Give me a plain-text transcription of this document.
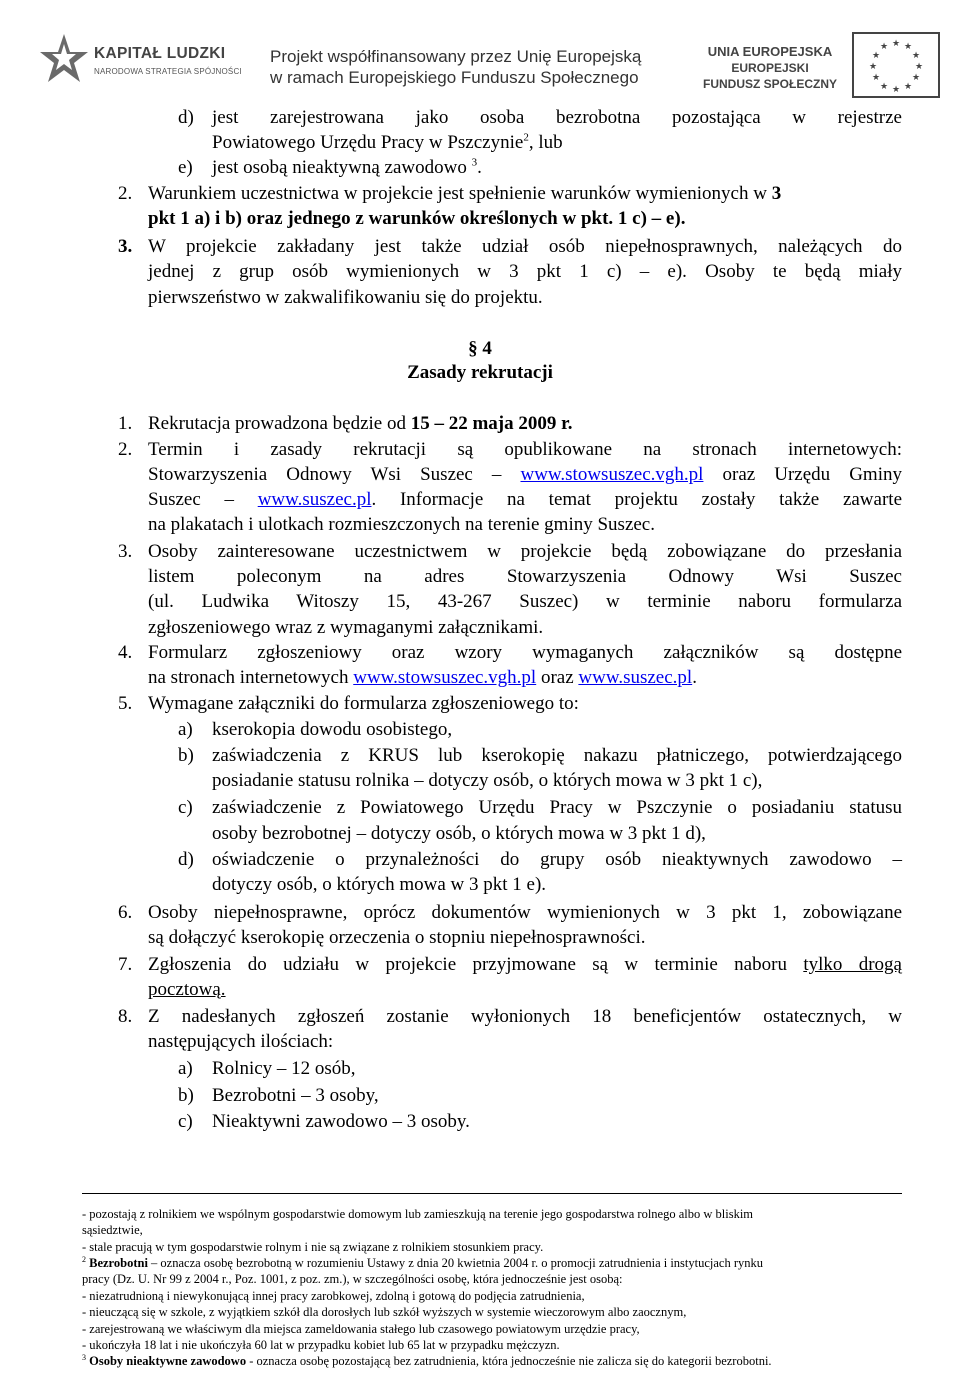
KAPITAŁ LUDZKI
NARODOWA STRATEGIA SPÓJNOŚCI
Projekt współfinansowany przez Unię Europejską
w ramach Europejskiego Funduszu Społecznego
UNIA EUROPEJSKA
EUROPEJSKI
FUNDUSZ SPOŁECZNY
★ ★
★
★
★
★
★
★
★
★
★
★
d) jest zarejestrowana jako osoba bezrobotna pozostająca w rejestrze
Powiatowego Urzędu Pracy w Pszczynie$^2$, lub
e) jest osobą nieaktywną zawodowo $^3$.
2. Warunkiem uczestnictwa w projekcie jest spełnienie warunków wymienionych w 3
pkt 1 a) i b) oraz jednego z warunków określonych w pkt. 1 c) – e).
3. W projekcie zakładany jest także udział osób niepełnosprawnych, należących do
jednej z grup osób wymienionych w 3 pkt 1 c) – e). Osoby te będą miały
pierwszeństwo w zakwalifikowaniu się do projektu.
§ 4
Zasady rekrutacji
1. Rekrutacja prowadzona będzie od 15 – 22 maja 2009 r.
2. Termin i zasady rekrutacji są opublikowane na stronach internetowych:
Stowarzyszenia Odnowy Wsi Suszec – www.stowsuszec.vgh.pl oraz Urzędu Gminy
Suszec – www.suszec.pl. Informacje na temat projektu zostały także zawarte
na plakatach i ulotkach rozmieszczonych na terenie gminy Suszec.
3. Osoby zainteresowane uczestnictwem w projekcie będą zobowiązane do przesłania
listem poleconym na adres Stowarzyszenia Odnowy Wsi Suszec
(ul. Ludwika Witoszy 15, 43-267 Suszec) w terminie naboru formularza
zgłoszeniowego wraz z wymaganymi załącznikami.
4. Formularz zgłoszeniowy oraz wzory wymaganych załączników są dostępne
na stronach internetowych www.stowsuszec.vgh.pl oraz www.suszec.pl.
5. Wymagane załączniki do formularza zgłoszeniowego to:
a) kserokopia dowodu osobistego,
b) zaświadczenia z KRUS lub kserokopię nakazu płatniczego, potwierdzającego
posiadanie statusu rolnika – dotyczy osób, o których mowa w 3 pkt 1 c),
c) zaświadczenie z Powiatowego Urzędu Pracy w Pszczynie o posiadaniu statusu
osoby bezrobotnej – dotyczy osób, o których mowa w 3 pkt 1 d),
d) oświadczenie o przynależności do grupy osób nieaktywnych zawodowo –
dotyczy osób, o których mowa w 3 pkt 1 e).
6. Osoby niepełnosprawne, oprócz dokumentów wymienionych w 3 pkt 1, zobowiązane
są dołączyć kserokopię orzeczenia o stopniu niepełnosprawności.
7. Zgłoszenia do udziału w projekcie przyjmowane są w terminie naboru tylko drogą
pocztową.
8. Z nadesłanych zgłoszeń zostanie wyłonionych 18 beneficjentów ostatecznych, w
następujących ilościach:
a) Rolnicy – 12 osób,
b) Bezrobotni – 3 osoby,
c) Nieaktywni zawodowo – 3 osoby.
- pozostają z rolnikiem we wspólnym gospodarstwie domowym lub zamieszkują na terenie jego gospodarstwa rolnego albo w bliskim
sąsiedztwie,
- stale pracują w tym gospodarstwie rolnym i nie są związane z rolnikiem stosunkiem pracy.
$^2$ Bezrobotni – oznacza osobę bezrobotną w rozumieniu Ustawy z dnia 20 kwietnia 2004 r. o promocji zatrudnienia i instytucjach rynku
pracy (Dz. U. Nr 99 z 2004 r., Poz. 1001, z poz. zm.), w szczególności osobę, która jednocześnie jest osobą:
- niezatrudnioną i niewykonującą innej pracy zarobkowej, zdolną i gotową do podjęcia zatrudnienia,
- nieuczącą się w szkole, z wyjątkiem szkół dla dorosłych lub szkół wyższych w systemie wieczorowym albo zaocznym,
- zarejestrowaną we właściwym dla miejsca zameldowania stałego lub czasowego powiatowym urzędzie pracy,
- ukończyła 18 lat i nie ukończyła 60 lat w przypadku kobiet lub 65 lat w przypadku mężczyzn.
$^3$ Osoby nieaktywne zawodowo - oznacza osobę pozostającą bez zatrudnienia, która jednocześnie nie zalicza się do kategorii bezrobotni.
